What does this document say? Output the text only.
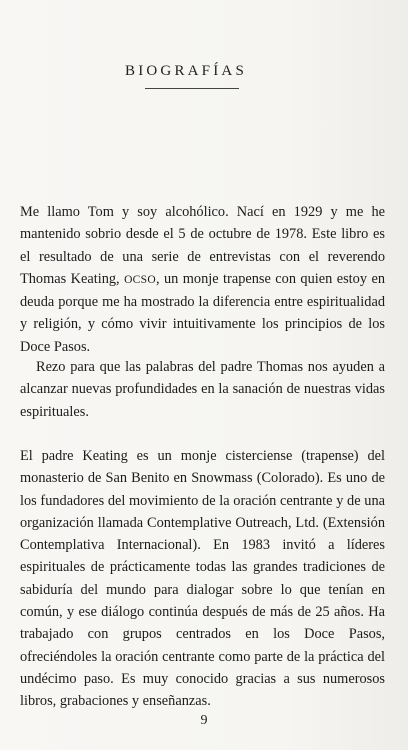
BIOGRAFÍAS

Me llamo Tom y soy alcohólico. Nací en 1929 y me he mantenido sobrio desde el 5 de octubre de 1978. Este libro es el resultado de una serie de entrevistas con el reverendo Thomas Keating, OCSO, un monje trapense con quien estoy en deuda porque me ha mostrado la diferencia entre espiritualidad y religión, y cómo vivir intuitivamente los principios de los Doce Pasos.

Rezo para que las palabras del padre Thomas nos ayuden a alcanzar nuevas profundidades en la sanación de nuestras vidas espirituales.

El padre Keating es un monje cisterciense (trapense) del monasterio de San Benito en Snowmass (Colorado). Es uno de los fundadores del movimiento de la oración centrante y de una organización llamada Contemplative Outreach, Ltd. (Extensión Contemplativa Internacional). En 1983 invitó a líderes espirituales de prácticamente todas las grandes tradiciones de sabiduría del mundo para dialogar sobre lo que tenían en común, y ese diálogo continúa después de más de 25 años. Ha trabajado con grupos centrados en los Doce Pasos, ofreciéndoles la oración centrante como parte de la práctica del undécimo paso. Es muy conocido gracias a sus numerosos libros, grabaciones y enseñanzas.

9
